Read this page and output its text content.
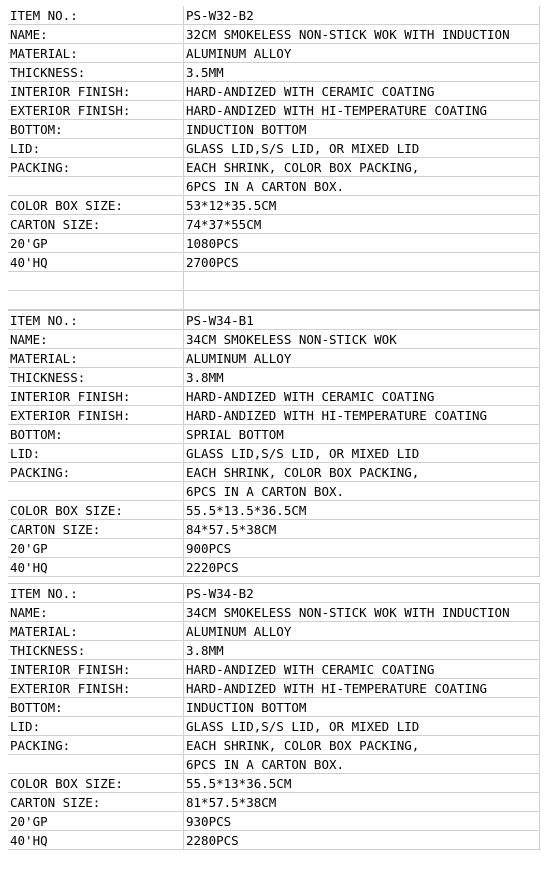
ITEM NO.:	PS-W32-B2
NAME:	32CM SMOKELESS NON-STICK WOK WITH INDUCTION
MATERIAL:	ALUMINUM ALLOY
THICKNESS:	3.5MM
INTERIOR FINISH:	HARD-ANDIZED WITH CERAMIC COATING
EXTERIOR FINISH:	HARD-ANDIZED WITH HI-TEMPERATURE COATING
BOTTOM:	INDUCTION BOTTOM
LID:	GLASS LID,S/S LID, OR MIXED LID
PACKING:	EACH SHRINK, COLOR BOX PACKING,
6PCS IN A CARTON BOX.
COLOR BOX SIZE:	53*12*35.5CM
CARTON SIZE:	74*37*55CM
20'GP	1080PCS
40'HQ	2700PCS
ITEM NO.:	PS-W34-B1
NAME:	34CM SMOKELESS NON-STICK WOK
MATERIAL:	ALUMINUM ALLOY
THICKNESS:	3.8MM
INTERIOR FINISH:	HARD-ANDIZED WITH CERAMIC COATING
EXTERIOR FINISH:	HARD-ANDIZED WITH HI-TEMPERATURE COATING
BOTTOM:	SPRIAL BOTTOM
LID:	GLASS LID,S/S LID, OR MIXED LID
PACKING:	EACH SHRINK, COLOR BOX PACKING,
6PCS IN A CARTON BOX.
COLOR BOX SIZE:	55.5*13.5*36.5CM
CARTON SIZE:	84*57.5*38CM
20'GP	900PCS
40'HQ	2220PCS
ITEM NO.:	PS-W34-B2
NAME:	34CM SMOKELESS NON-STICK WOK WITH INDUCTION
MATERIAL:	ALUMINUM ALLOY
THICKNESS:	3.8MM
INTERIOR FINISH:	HARD-ANDIZED WITH CERAMIC COATING
EXTERIOR FINISH:	HARD-ANDIZED WITH HI-TEMPERATURE COATING
BOTTOM:	INDUCTION BOTTOM
LID:	GLASS LID,S/S LID, OR MIXED LID
PACKING:	EACH SHRINK, COLOR BOX PACKING,
6PCS IN A CARTON BOX.
COLOR BOX SIZE:	55.5*13*36.5CM
CARTON SIZE:	81*57.5*38CM
20'GP	930PCS
40'HQ	2280PCS
